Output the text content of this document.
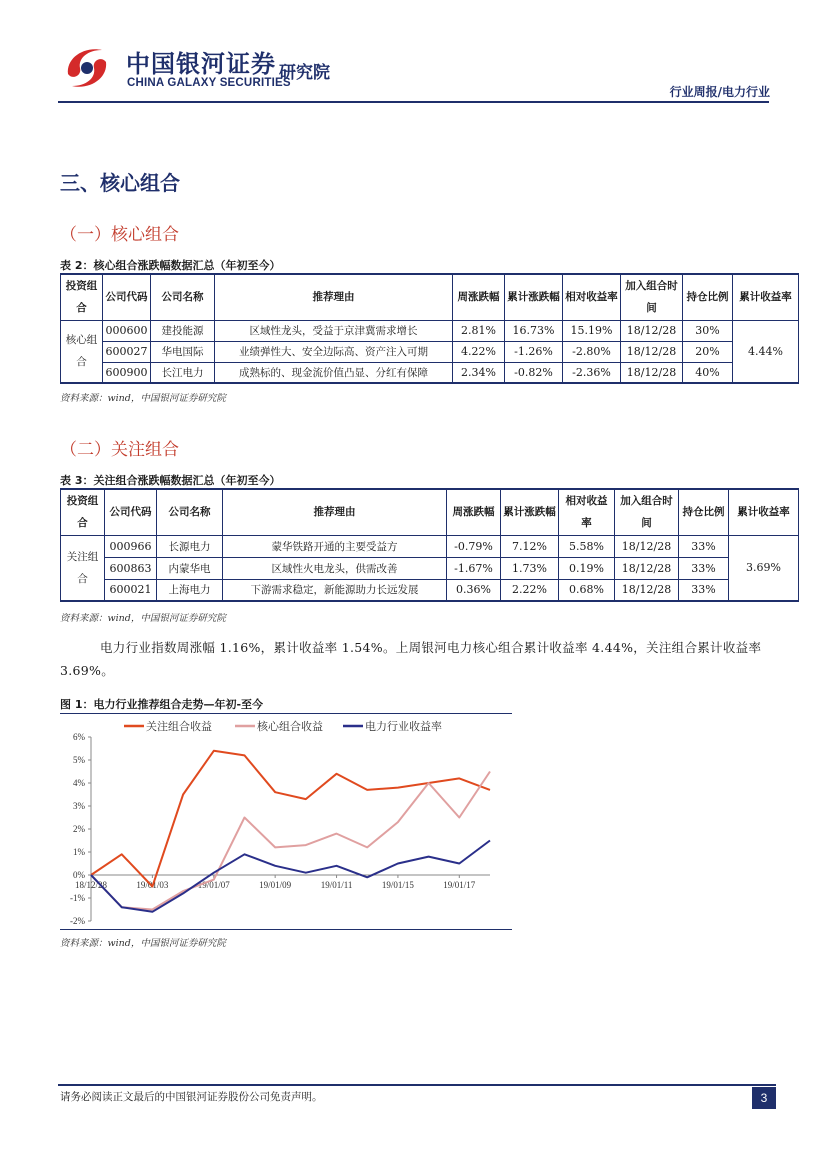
中国银河证券
CHINA GALAXY SECURITIES
研究院
行业周报/电力行业
三、核心组合
（一）核心组合
表 2：核心组合涨跌幅数据汇总（年初至今）
投资组合	公司代码	公司名称	推荐理由	周涨跌幅	累计涨跌幅	相对收益率	加入组合时间	持仓比例	累计收益率
核心组合	000600	建投能源	区域性龙头，受益于京津冀需求增长	2.81%	16.73%	15.19%	18/12/28	30%	4.44%
	600027	华电国际	业绩弹性大、安全边际高、资产注入可期	4.22%	-1.26%	-2.80%	18/12/28	20%	
	600900	长江电力	成熟标的、现金流价值凸显、分红有保障	2.34%	-0.82%	-2.36%	18/12/28	40%	
资料来源：wind，中国银河证券研究院
（二）关注组合
表 3：关注组合涨跌幅数据汇总（年初至今）
投资组合	公司代码	公司名称	推荐理由	周涨跌幅	累计涨跌幅	相对收益率	加入组合时间	持仓比例	累计收益率
关注组合	000966	长源电力	蒙华铁路开通的主要受益方	-0.79%	7.12%	5.58%	18/12/28	33%	3.69%
	600863	内蒙华电	区域性火电龙头，供需改善	-1.67%	1.73%	0.19%	18/12/28	33%	
	600021	上海电力	下游需求稳定，新能源助力长远发展	0.36%	2.22%	0.68%	18/12/28	33%	
资料来源：wind，中国银河证券研究院
电力行业指数周涨幅 1.16%，累计收益率 1.54%。上周银河电力核心组合累计收益率 4.44%，关注组合累计收益率 3.69%。
图 1：电力行业推荐组合走势—年初-至今
-2%
-1%
0%
1%
2%
3%
4%
5%
6%
18/12/28	19/01/03	19/01/07	19/01/09	19/01/11	19/01/15	19/01/17
关注组合收益	核心组合收益	电力行业收益率
资料来源：wind，中国银河证券研究院
请务必阅读正文最后的中国银河证券股份公司免责声明。	3
